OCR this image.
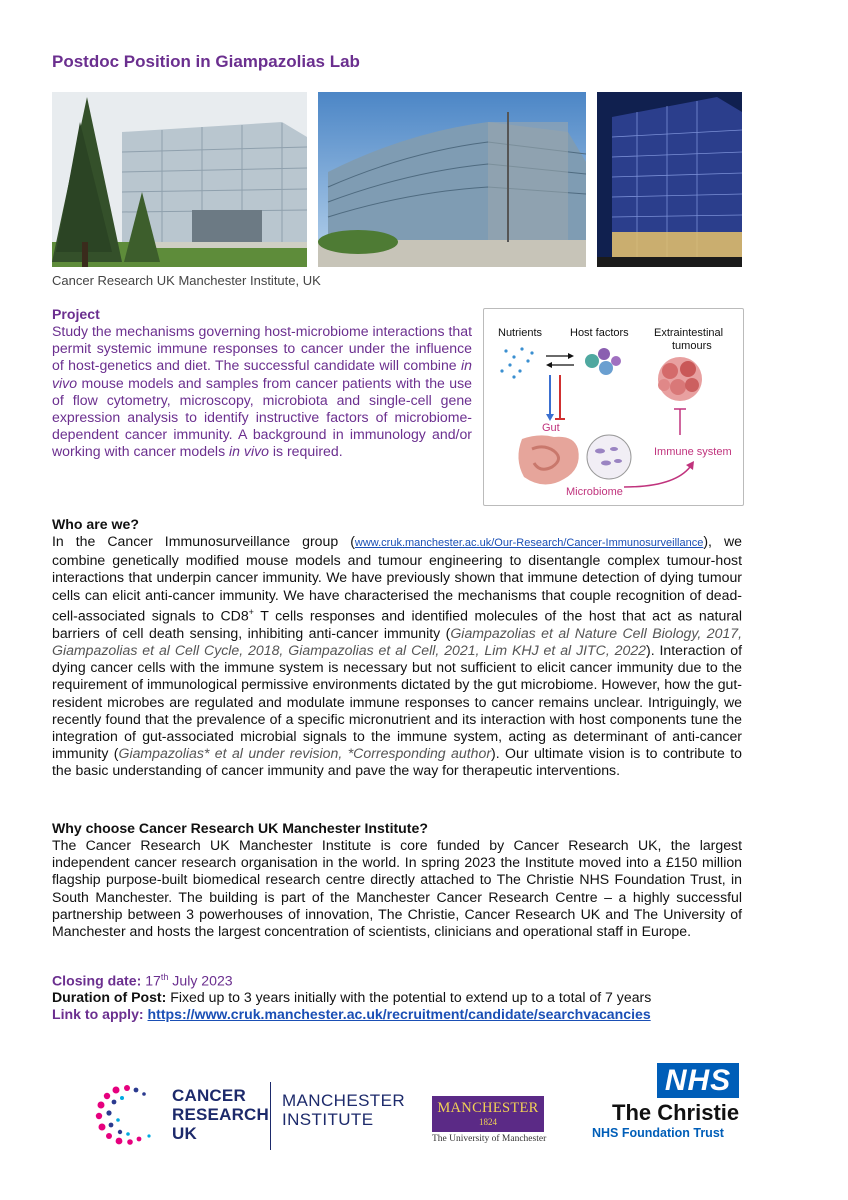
Postdoc Position in Giampazolias Lab
Cancer Research UK Manchester Institute, UK
Project
Study the mechanisms governing host-microbiome interactions that permit systemic immune responses to cancer under the influence of host-genetics and diet. The successful candidate will combine in vivo mouse models and samples from cancer patients with the use of flow cytometry, microscopy, microbiota and single-cell gene expression analysis to identify instructive factors of microbiome-dependent cancer immunity. A background in immunology and/or working with cancer models in vivo is required.
Nutrients	Host factors Extraintestinal
tumours
Gut
Microbiome
Immune system
Who are we?
In the Cancer Immunosurveillance group (www.cruk.manchester.ac.uk/Our-Research/Cancer-Immunosurveillance), we combine genetically modified mouse models and tumour engineering to disentangle complex tumour-host interactions that underpin cancer immunity. We have previously shown that immune detection of dying tumour cells can elicit anti-cancer immunity. We have characterised the mechanisms that couple recognition of dead-cell-associated signals to CD8+ T cells responses and identified molecules of the host that act as natural barriers of cell death sensing, inhibiting anti-cancer immunity (Giampazolias et al Nature Cell Biology, 2017, Giampazolias et al Cell Cycle, 2018, Giampazolias et al Cell, 2021, Lim KHJ et al JITC, 2022). Interaction of dying cancer cells with the immune system is necessary but not sufficient to elicit cancer immunity due to the requirement of immunological permissive environments dictated by the gut microbiome. However, how the gut-resident microbes are regulated and modulate immune responses to cancer remains unclear. Intriguingly, we recently found that the prevalence of a specific micronutrient and its interaction with host components tune the integration of gut-associated microbial signals to the immune system, acting as determinant of anti-cancer immunity (Giampazolias* et al under revision, *Corresponding author). Our ultimate vision is to contribute to the basic understanding of cancer immunity and pave the way for therapeutic interventions.
Why choose Cancer Research UK Manchester Institute?
The Cancer Research UK Manchester Institute is core funded by Cancer Research UK, the largest independent cancer research organisation in the world. In spring 2023 the Institute moved into a £150 million flagship purpose-built biomedical research centre directly attached to The Christie NHS Foundation Trust, in South Manchester. The building is part of the Manchester Cancer Research Centre – a highly successful partnership between 3 powerhouses of innovation, The Christie, Cancer Research UK and The University of Manchester and hosts the largest concentration of scientists, clinicians and operational staff in Europe.
Closing date: 17th July 2023
Duration of Post: Fixed up to 3 years initially with the potential to extend up to a total of 7 years
Link to apply: https://www.cruk.manchester.ac.uk/recruitment/candidate/searchvacancies
CANCER
RESEARCH
UK
MANCHESTER
INSTITUTE
MANCHESTER
1824
The University of Manchester
NHS
The Christie
NHS Foundation Trust
